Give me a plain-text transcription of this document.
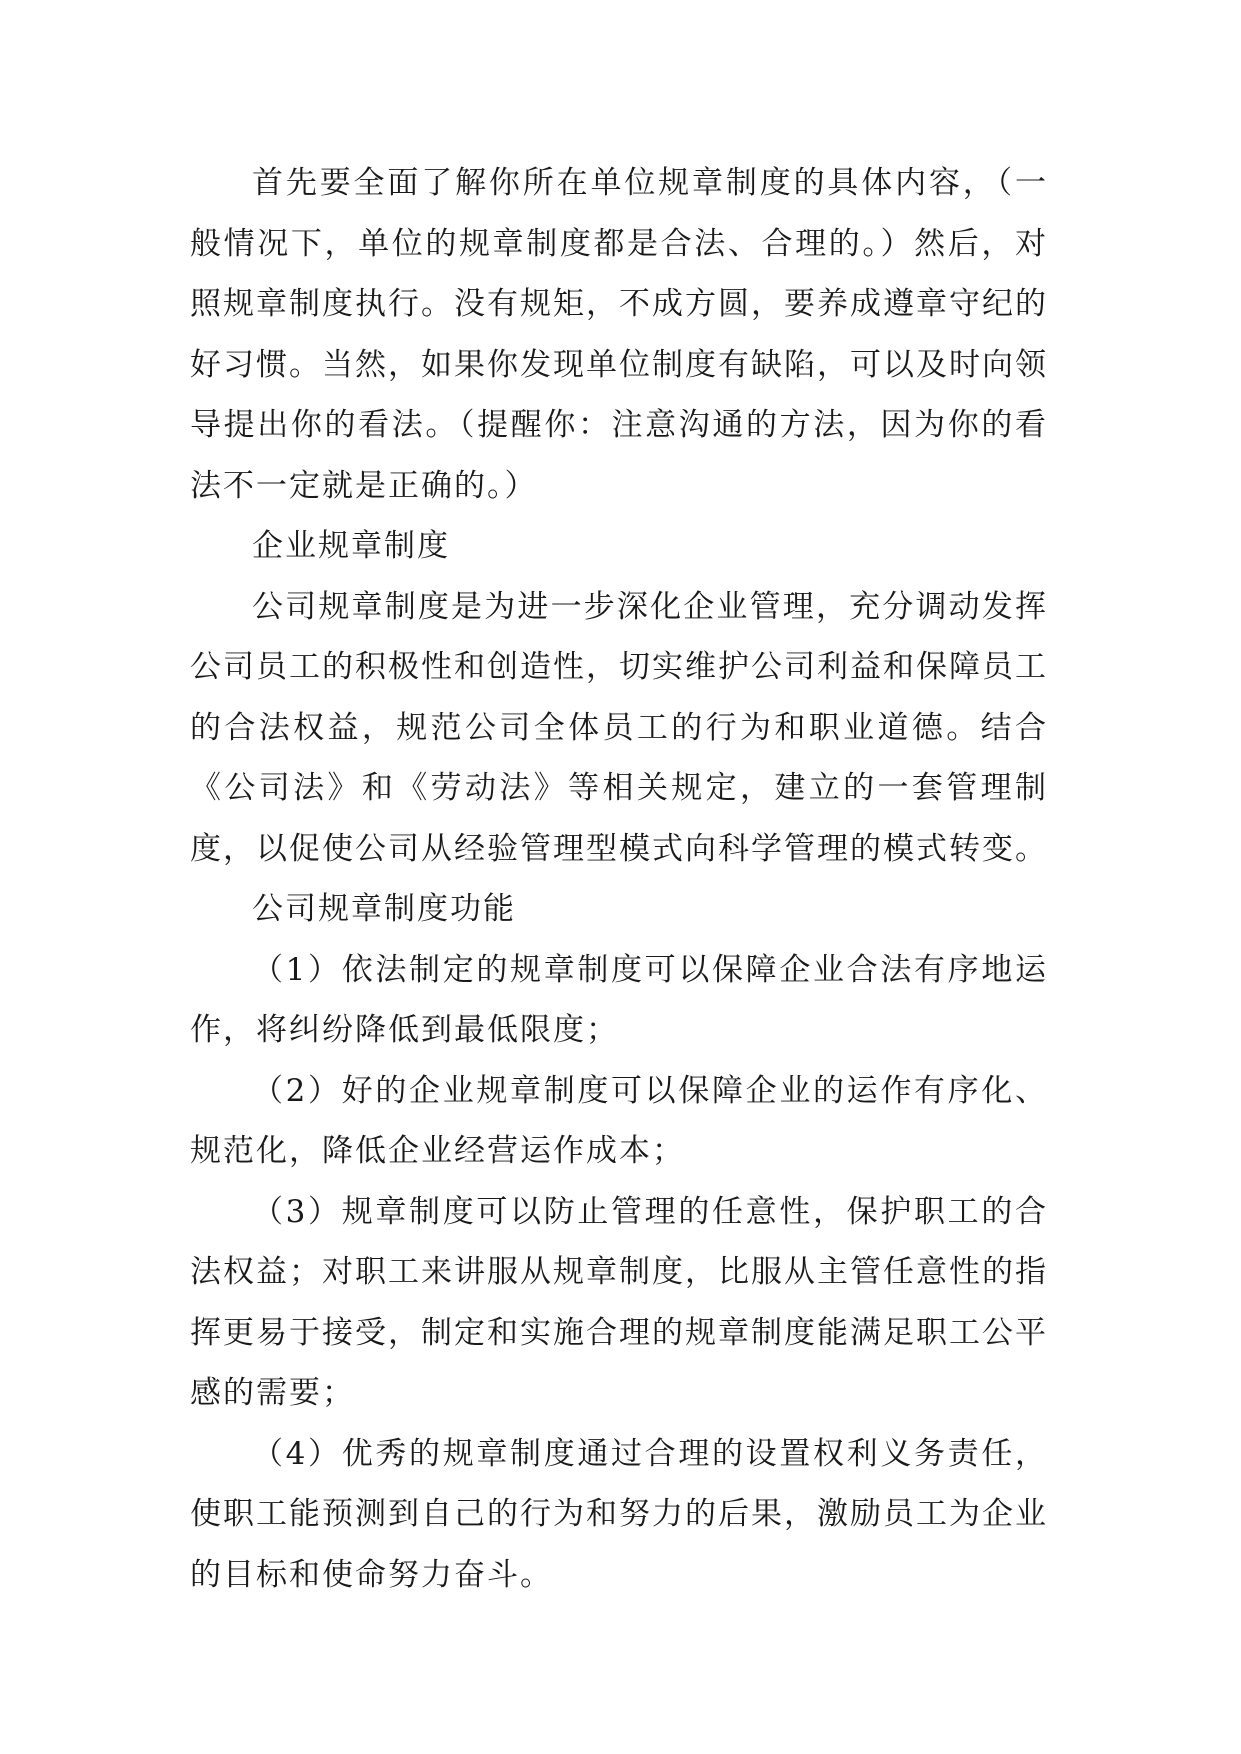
首先要全面了解你所在单位规章制度的具体内容，（一般情况下，单位的规章制度都是合法、合理的。）然后，对照规章制度执行。没有规矩，不成方圆，要养成遵章守纪的好习惯。当然，如果你发现单位制度有缺陷，可以及时向领导提出你的看法。（提醒你：注意沟通的方法，因为你的看法不一定就是正确的。）

企业规章制度

公司规章制度是为进一步深化企业管理，充分调动发挥公司员工的积极性和创造性，切实维护公司利益和保障员工的合法权益，规范公司全体员工的行为和职业道德。结合《公司法》和《劳动法》等相关规定，建立的一套管理制度，以促使公司从经验管理型模式向科学管理的模式转变。

公司规章制度功能

（1）依法制定的规章制度可以保障企业合法有序地运作，将纠纷降低到最低限度；

（2）好的企业规章制度可以保障企业的运作有序化、规范化，降低企业经营运作成本；

（3）规章制度可以防止管理的任意性，保护职工的合法权益；对职工来讲服从规章制度，比服从主管任意性的指挥更易于接受，制定和实施合理的规章制度能满足职工公平感的需要；

（4）优秀的规章制度通过合理的设置权利义务责任，使职工能预测到自己的行为和努力的后果，激励员工为企业的目标和使命努力奋斗。
